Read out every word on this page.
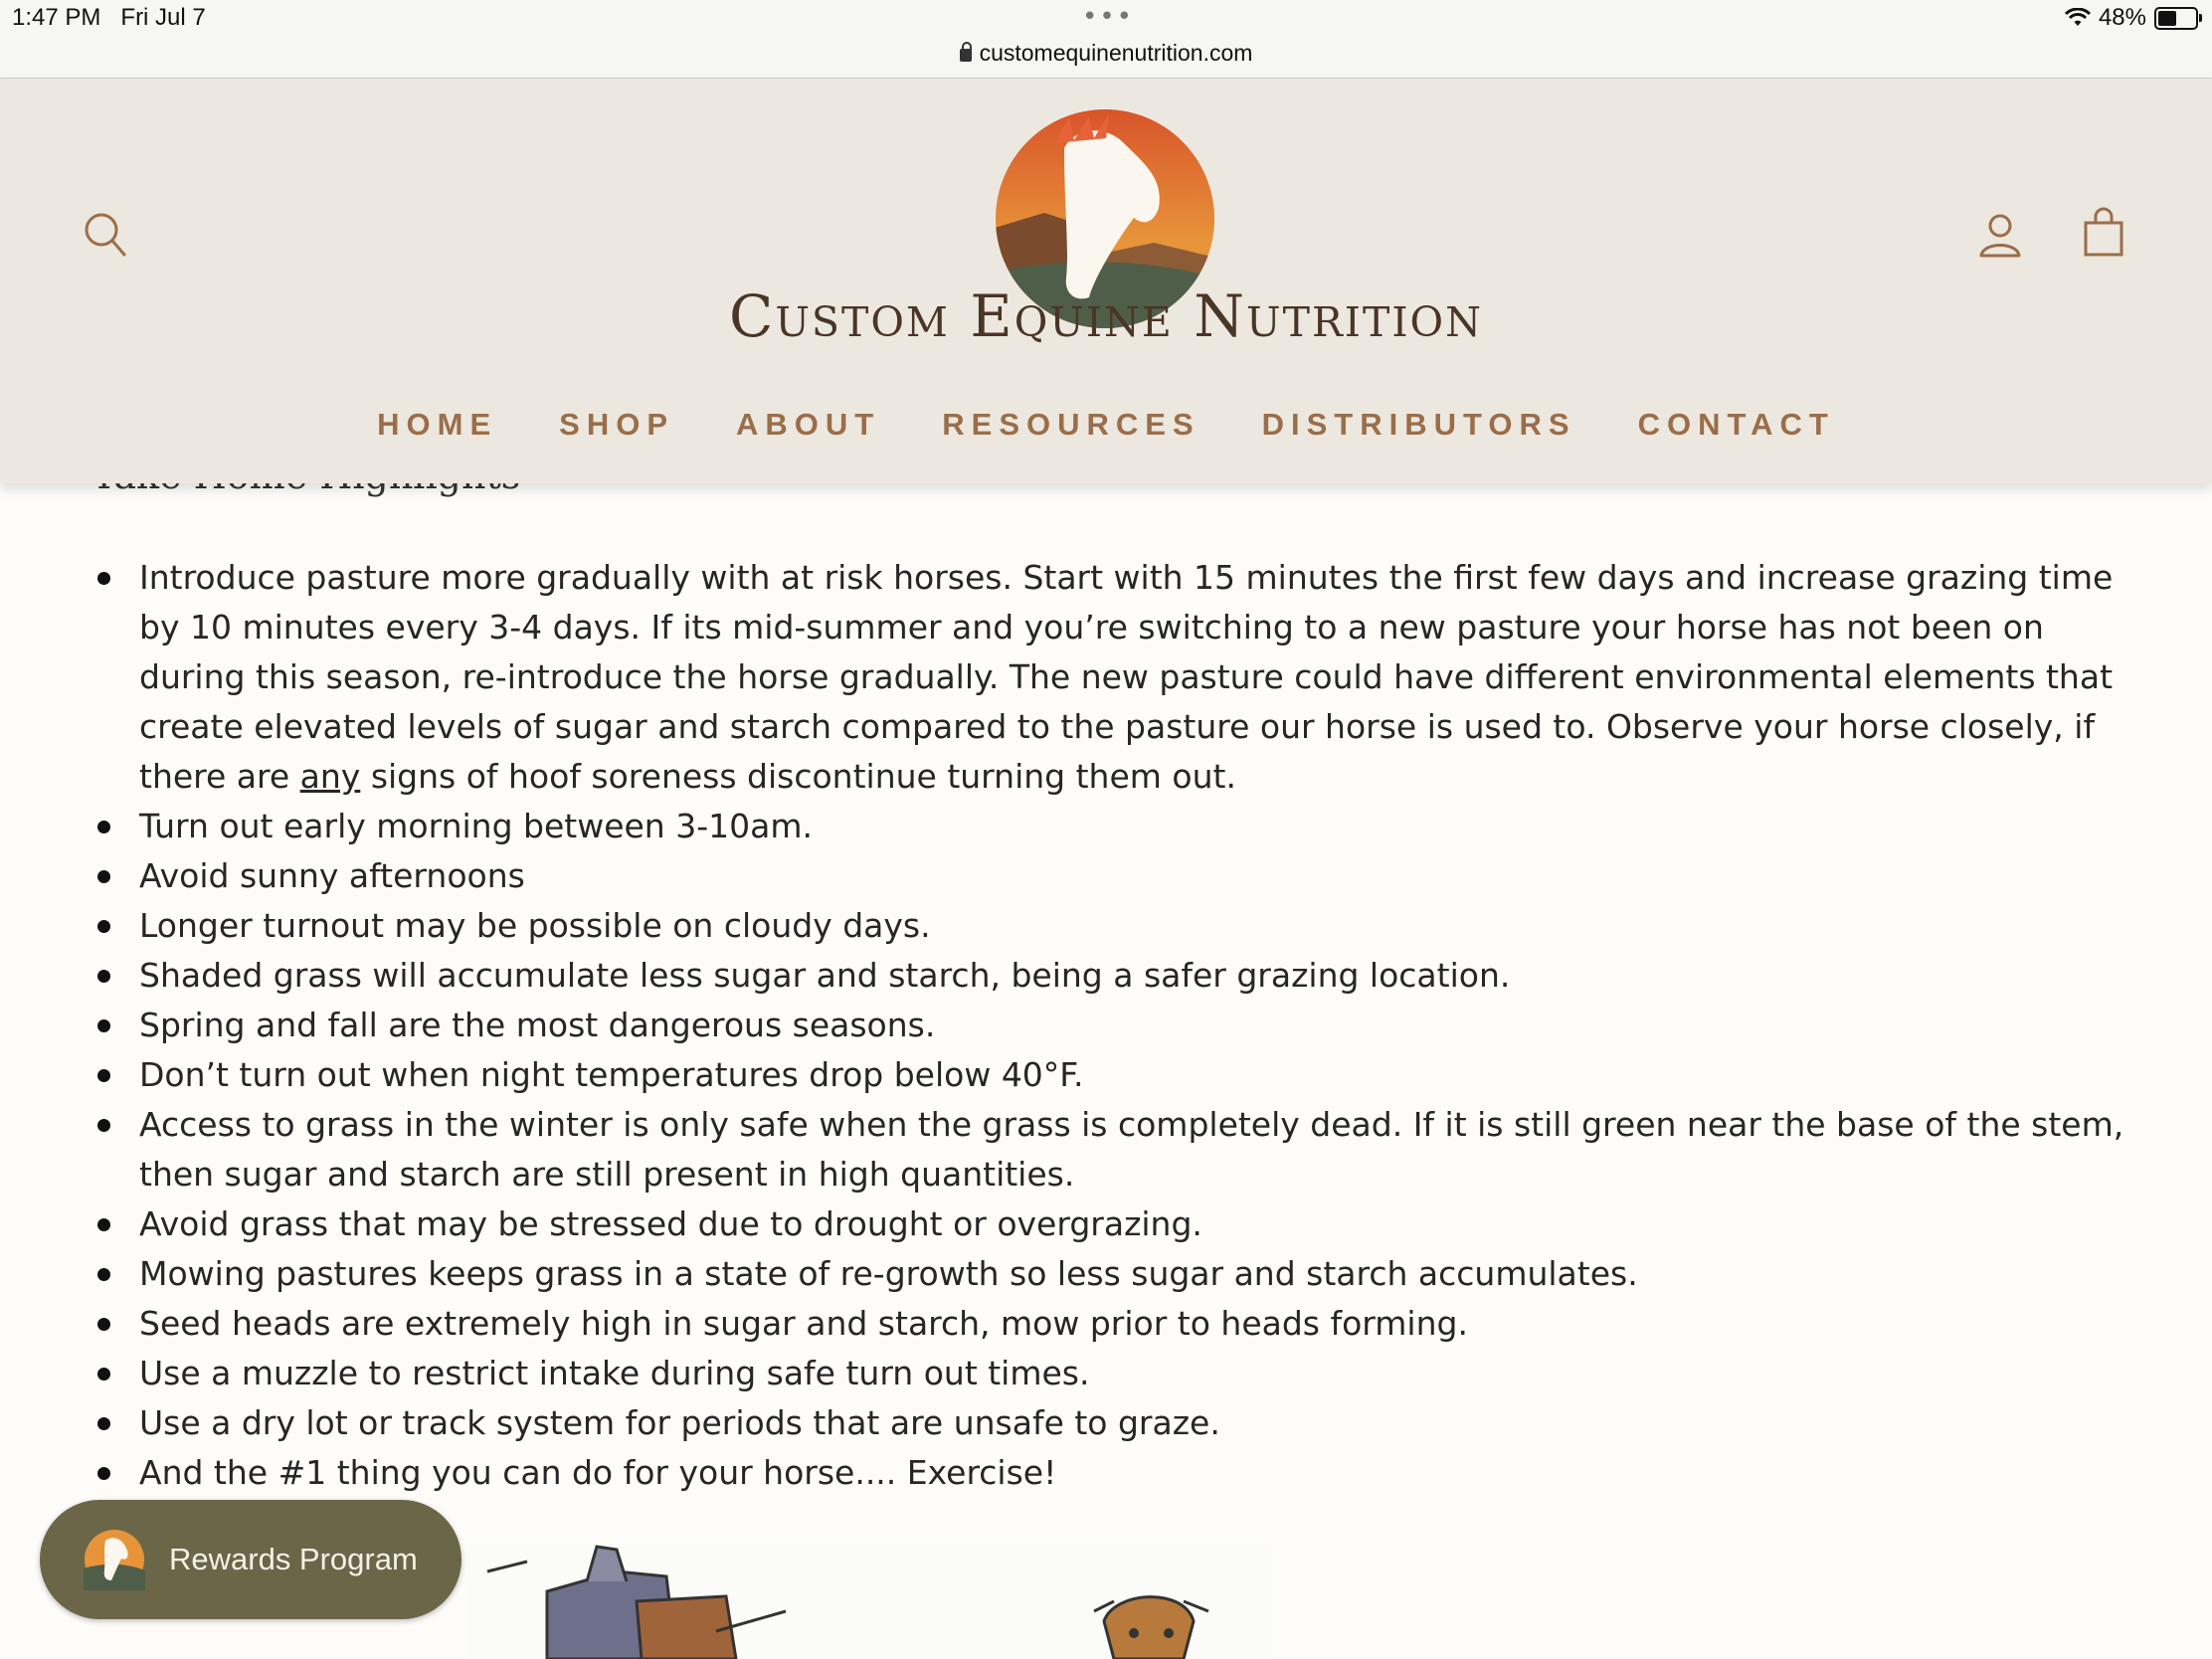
1:47 PM Fri Jul 7	•••
customequinenutrition.com
48%
Custom Equine Nutrition
HOME SHOP ABOUT RESOURCES DISTRIBUTORS CONTACT
Introduce pasture more gradually with at risk horses. Start with 15 minutes the first few days and increase grazing time by 10 minutes every 3-4 days. If its mid-summer and you’re switching to a new pasture your horse has not been on during this season, re-introduce the horse gradually. The new pasture could have different environmental elements that create elevated levels of sugar and starch compared to the pasture our horse is used to. Observe your horse closely, if there are any signs of hoof soreness discontinue turning them out.
Turn out early morning between 3-10am.
Avoid sunny afternoons
Longer turnout may be possible on cloudy days.
Shaded grass will accumulate less sugar and starch, being a safer grazing location.
Spring and fall are the most dangerous seasons.
Don’t turn out when night temperatures drop below 40°F.
Access to grass in the winter is only safe when the grass is completely dead. If it is still green near the base of the stem, then sugar and starch are still present in high quantities.
Avoid grass that may be stressed due to drought or overgrazing.
Mowing pastures keeps grass in a state of re-growth so less sugar and starch accumulates.
Seed heads are extremely high in sugar and starch, mow prior to heads forming.
Use a muzzle to restrict intake during safe turn out times.
Use a dry lot or track system for periods that are unsafe to graze.
And the #1 thing you can do for your horse.... Exercise!
Rewards Program
